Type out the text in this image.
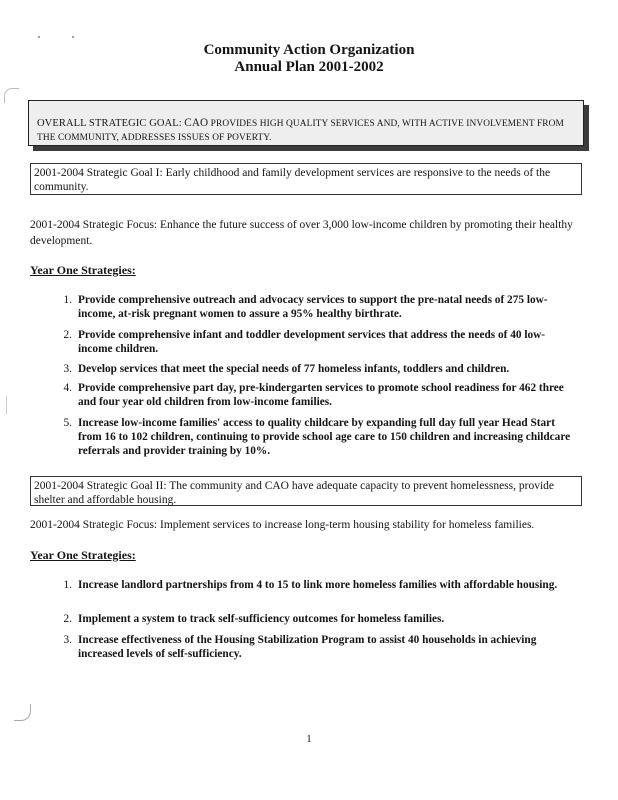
Community Action Organization
Annual Plan 2001-2002
OVERALL STRATEGIC GOAL: CAO PROVIDES HIGH QUALITY SERVICES AND, WITH ACTIVE INVOLVEMENT FROM THE COMMUNITY, ADDRESSES ISSUES OF POVERTY.
2001-2004 Strategic Goal I: Early childhood and family development services are responsive to the needs of the community.
2001-2004 Strategic Focus: Enhance the future success of over 3,000 low-income children by promoting their healthy development.
Year One Strategies:
1. Provide comprehensive outreach and advocacy services to support the pre-natal needs of 275 low-income, at-risk pregnant women to assure a 95% healthy birthrate.
2. Provide comprehensive infant and toddler development services that address the needs of 40 low-income children.
3. Develop services that meet the special needs of 77 homeless infants, toddlers and children.
4. Provide comprehensive part day, pre-kindergarten services to promote school readiness for 462 three and four year old children from low-income families.
5. Increase low-income families' access to quality childcare by expanding full day full year Head Start from 16 to 102 children, continuing to provide school age care to 150 children and increasing childcare referrals and provider training by 10%.
2001-2004 Strategic Goal II: The community and CAO have adequate capacity to prevent homelessness, provide shelter and affordable housing.
2001-2004 Strategic Focus: Implement services to increase long-term housing stability for homeless families.
Year One Strategies:
1. Increase landlord partnerships from 4 to 15 to link more homeless families with affordable housing.
2. Implement a system to track self-sufficiency outcomes for homeless families.
3. Increase effectiveness of the Housing Stabilization Program to assist 40 households in achieving increased levels of self-sufficiency.
1
